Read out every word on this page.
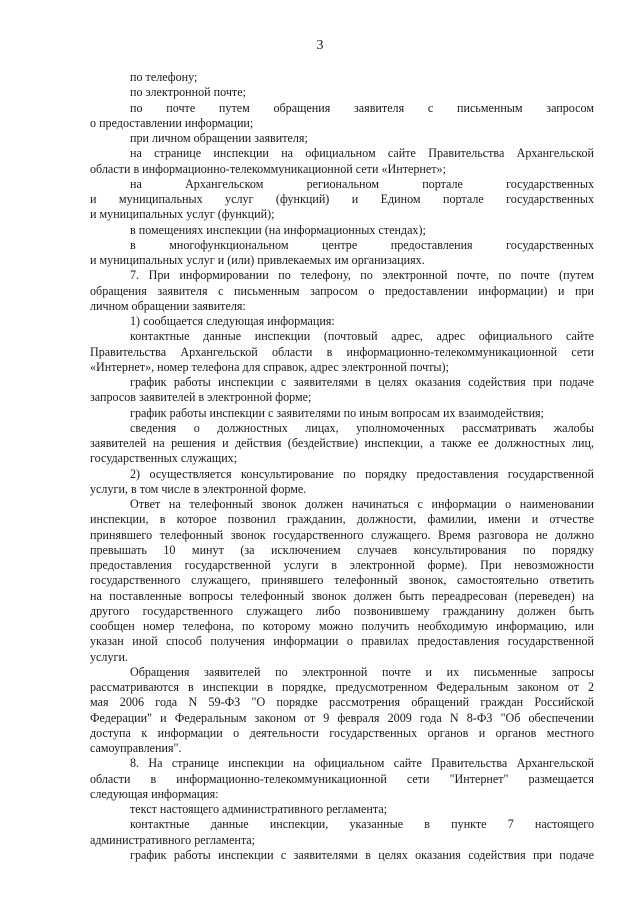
3
по телефону;
по электронной почте;
по почте путем обращения заявителя с письменным запросом
о предоставлении информации;
при личном обращении заявителя;
на странице инспекции на официальном сайте Правительства Архангельской
области в информационно-телекоммуникационной сети «Интернет»;
на Архангельском региональном портале государственных
и муниципальных услуг (функций) и Едином портале государственных
и муниципальных услуг (функций);
в помещениях инспекции (на информационных стендах);
в многофункциональном центре предоставления государственных
и муниципальных услуг и (или) привлекаемых им организациях.
7. При информировании по телефону, по электронной почте, по почте (путем
обращения заявителя с письменным запросом о предоставлении информации) и при
личном обращении заявителя:
1) сообщается следующая информация:
контактные данные инспекции (почтовый адрес, адрес официального сайте
Правительства Архангельской области в информационно-телекоммуникационной сети
«Интернет», номер телефона для справок, адрес электронной почты);
график работы инспекции с заявителями в целях оказания содействия при подаче
запросов заявителей в электронной форме;
график работы инспекции с заявителями по иным вопросам их взаимодействия;
сведения о должностных лицах, уполномоченных рассматривать жалобы
заявителей на решения и действия (бездействие) инспекции, а также ее должностных лиц,
государственных служащих;
2) осуществляется консультирование по порядку предоставления государственной
услуги, в том числе в электронной форме.
Ответ на телефонный звонок должен начинаться с информации о наименовании
инспекции, в которое позвонил гражданин, должности, фамилии, имени и отчестве
принявшего телефонный звонок государственного служащего. Время разговора не должно
превышать 10 минут (за исключением случаев консультирования по порядку
предоставления государственной услуги в электронной форме). При невозможности
государственного служащего, принявшего телефонный звонок, самостоятельно ответить
на поставленные вопросы телефонный звонок должен быть переадресован (переведен) на
другого государственного служащего либо позвонившему гражданину должен быть
сообщен номер телефона, по которому можно получить необходимую информацию, или
указан иной способ получения информации о правилах предоставления государственной
услуги.
Обращения заявителей по электронной почте и их письменные запросы
рассматриваются в инспекции в порядке, предусмотренном Федеральным законом от 2
мая 2006 года N 59-ФЗ "О порядке рассмотрения обращений граждан Российской
Федерации" и Федеральным законом от 9 февраля 2009 года N 8-ФЗ "Об обеспечении
доступа к информации о деятельности государственных органов и органов местного
самоуправления".
8. На странице инспекции на официальном сайте Правительства Архангельской
области в информационно-телекоммуникационной сети "Интернет" размещается
следующая информация:
текст настоящего административного регламента;
контактные данные инспекции, указанные в пункте 7 настоящего
административного регламента;
график работы инспекции с заявителями в целях оказания содействия при подаче
